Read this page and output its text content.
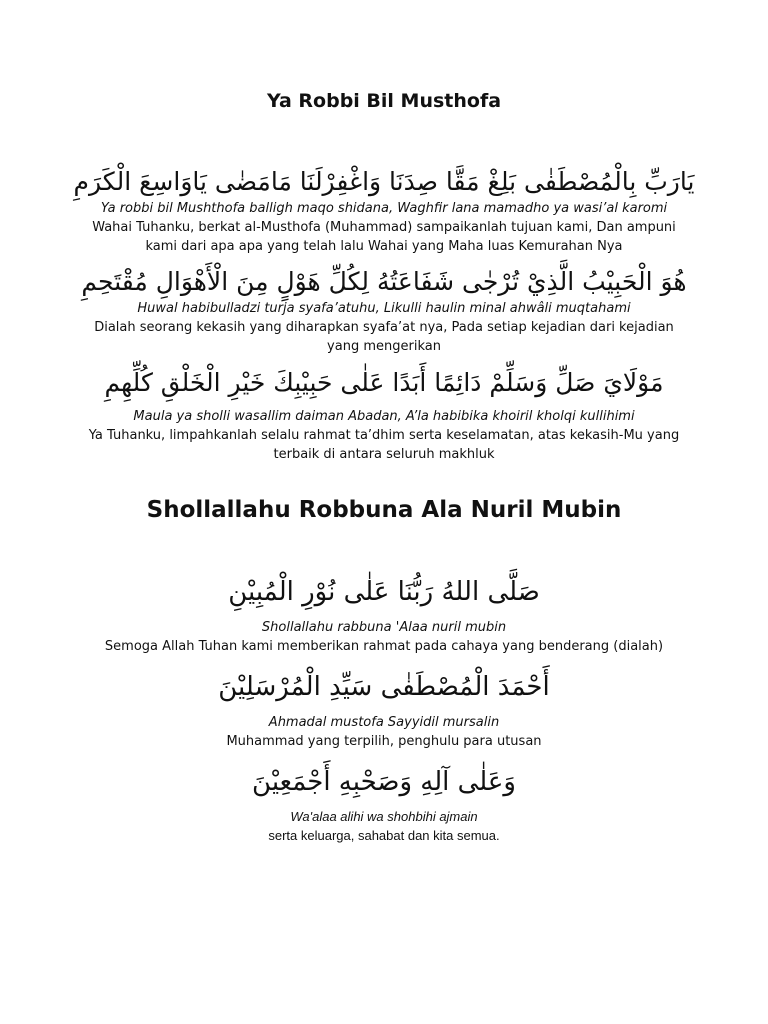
Ya Robbi Bil Musthofa
يَارَبِّ بِالْمُصْطَفٰى بَلِغْ مَقَّا صِدَنَا وَاغْفِرْلَنَا مَامَضٰى يَاوَاسِعَ الْكَرَمِ
Ya robbi bil Mushthofa balligh maqo shidana, Waghfir lana mamadho ya wasi’al karomi
Wahai Tuhanku, berkat al-Musthofa (Muhammad) sampaikanlah tujuan kami, Dan ampuni
kami dari apa apa yang telah lalu Wahai yang Maha luas Kemurahan Nya
هُوَ الْحَبِيْبُ الَّذِيْ تُرْجٰى شَفَاعَتُهُ لِكُلِّ هَوْلٍ مِنَ الْأَهْوَالِ مُقْتَحِمِ
Huwal habibulladzi turja syafa’atuhu, Likulli haulin minal ahwâli muqtahami
Dialah seorang kekasih yang diharapkan syafa’at nya, Pada setiap kejadian dari kejadian
yang mengerikan
مَوْلَايَ صَلِّ وَسَلِّمْ دَائِمًا أَبَدًا عَلٰى حَبِيْبِكَ خَيْرِ الْخَلْقِ كُلِّهِمِ
Maula ya sholli wasallim daiman Abadan, A’la habibika khoiril kholqi kullihimi
Ya Tuhanku, limpahkanlah selalu rahmat ta’dhim serta keselamatan, atas kekasih-Mu yang
terbaik di antara seluruh makhluk
Shollallahu Robbuna Ala Nuril Mubin
صَلَّى اللهُ رَبُّنَا عَلٰى نُوْرِ الْمُبِيْنِ
Shollallahu rabbuna 'Alaa nuril mubin
Semoga Allah Tuhan kami memberikan rahmat pada cahaya yang benderang (dialah)
أَحْمَدَ الْمُصْطَفٰى سَيِّدِ الْمُرْسَلِيْنَ
Ahmadal mustofa Sayyidil mursalin
Muhammad yang terpilih, penghulu para utusan
وَعَلٰى آلِهِ وَصَحْبِهِ أَجْمَعِيْنَ
Wa'alaa alihi wa shohbihi ajmain
serta keluarga, sahabat dan kita semua.
